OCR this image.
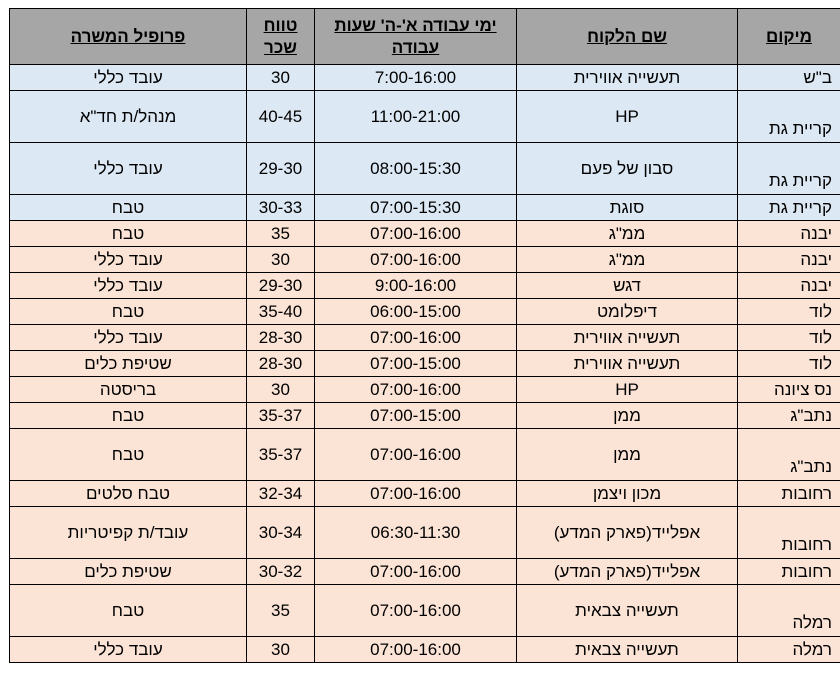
מיקום	שם הלקוח	ימי עבודה א'-ה' שעות עבודה	טווח שכר	פרופיל המשרה
ב"ש	תעשייה אווירית	7:00-16:00	30	עובד כללי
קריית גת	HP	11:00-21:00	40-45	מנהל/ת חד"א
קריית גת	סבון של פעם	08:00-15:30	29-30	עובד כללי
קריית גת	סוגת	07:00-15:30	30-33	טבח
יבנה	ממ"ג	07:00-16:00	35	טבח
יבנה	ממ"ג	07:00-16:00	30	עובד כללי
יבנה	דגש	9:00-16:00	29-30	עובד כללי
לוד	דיפלומט	06:00-15:00	35-40	טבח
לוד	תעשייה אווירית	07:00-16:00	28-30	עובד כללי
לוד	תעשייה אווירית	07:00-15:00	28-30	שטיפת כלים
נס ציונה	HP	07:00-16:00	30	בריסטה
נתב"ג	ממן	07:00-15:00	35-37	טבח
נתב"ג	ממן	07:00-16:00	35-37	טבח
רחובות	מכון ויצמן	07:00-16:00	32-34	טבח סלטים
רחובות	אפלייד(פארק המדע)	06:30-11:30	30-34	עובד/ת קפיטריות
רחובות	אפלייד(פארק המדע)	07:00-16:00	30-32	שטיפת כלים
רמלה	תעשייה צבאית	07:00-16:00	35	טבח
רמלה	תעשייה צבאית	07:00-16:00	30	עובד כללי
